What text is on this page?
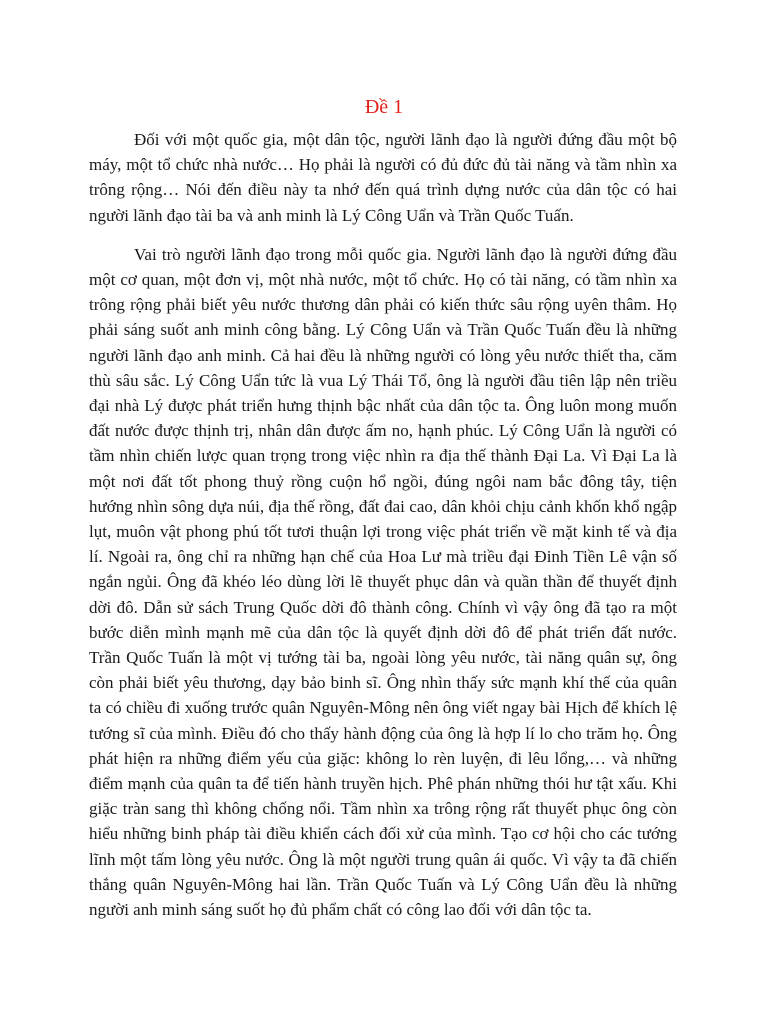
Đề 1

Đối với một quốc gia, một dân tộc, người lãnh đạo là người đứng đầu một bộ máy, một tổ chức nhà nước… Họ phải là người có đủ đức đủ tài năng và tầm nhìn xa trông rộng… Nói đến điều này ta nhớ đến quá trình dựng nước của dân tộc có hai người lãnh đạo tài ba và anh minh là Lý Công Uẩn và Trần Quốc Tuấn.

Vai trò người lãnh đạo trong mỗi quốc gia. Người lãnh đạo là người đứng đầu một cơ quan, một đơn vị, một nhà nước, một tổ chức. Họ có tài năng, có tầm nhìn xa trông rộng phải biết yêu nước thương dân phải có kiến thức sâu rộng uyên thâm. Họ phải sáng suốt anh minh công bằng. Lý Công Uẩn và Trần Quốc Tuấn đều là những người lãnh đạo anh minh. Cả hai đều là những người có lòng yêu nước thiết tha, căm thù sâu sắc. Lý Công Uẩn tức là vua Lý Thái Tổ, ông là người đầu tiên lập nên triều đại nhà Lý được phát triển hưng thịnh bậc nhất của dân tộc ta. Ông luôn mong muốn đất nước được thịnh trị, nhân dân được ấm no, hạnh phúc. Lý Công Uẩn là người có tầm nhìn chiến lược quan trọng trong việc nhìn ra địa thế thành Đại La. Vì Đại La là một nơi đất tốt phong thuỷ rồng cuộn hổ ngồi, đúng ngôi nam bắc đông tây, tiện hướng nhìn sông dựa núi, địa thế rồng, đất đai cao, dân khỏi chịu cảnh khốn khổ ngập lụt, muôn vật phong phú tốt tươi thuận lợi trong việc phát triển về mặt kinh tế và địa lí. Ngoài ra, ông chỉ ra những hạn chế của Hoa Lư mà triều đại Đinh Tiền Lê vận số ngắn ngủi. Ông đã khéo léo dùng lời lẽ thuyết phục dân và quần thần để thuyết định dời đô. Dẫn sử sách Trung Quốc dời đô thành công. Chính vì vậy ông đã tạo ra một bước diễn mình mạnh mẽ của dân tộc là quyết định dời đô để phát triển đất nước. Trần Quốc Tuấn là một vị tướng tài ba, ngoài lòng yêu nước, tài năng quân sự, ông còn phải biết yêu thương, dạy bảo binh sĩ. Ông nhìn thấy sức mạnh khí thế của quân ta có chiều đi xuống trước quân Nguyên-Mông nên ông viết ngay bài Hịch để khích lệ tướng sĩ của mình. Điều đó cho thấy hành động của ông là hợp lí lo cho trăm họ. Ông phát hiện ra những điểm yếu của giặc: không lo rèn luyện, đi lêu lổng,… và những điểm mạnh của quân ta để tiến hành truyền hịch. Phê phán những thói hư tật xấu. Khi giặc tràn sang thì không chống nổi. Tầm nhìn xa trông rộng rất thuyết phục ông còn hiểu những binh pháp tài điều khiển cách đối xử của mình. Tạo cơ hội cho các tướng lĩnh một tấm lòng yêu nước. Ông là một người trung quân ái quốc. Vì vậy ta đã chiến thắng quân Nguyên-Mông hai lần. Trần Quốc Tuấn và Lý Công Uẩn đều là những người anh minh sáng suốt họ đủ phẩm chất có công lao đối với dân tộc ta.
